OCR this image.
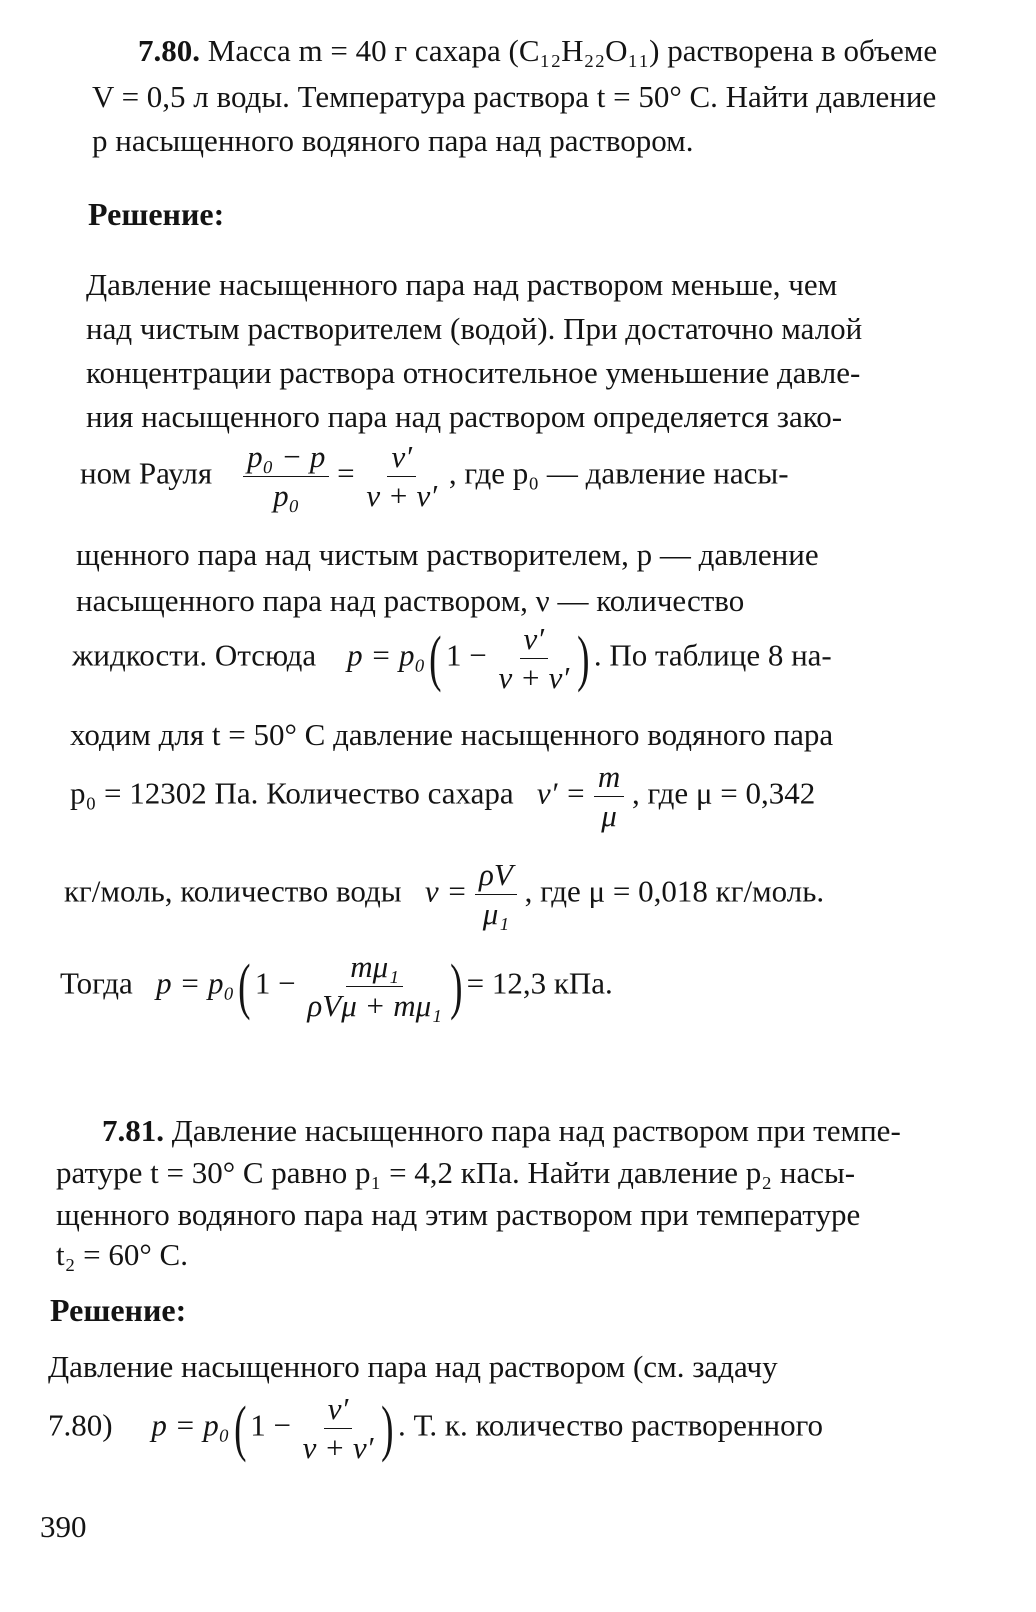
7.80. Масса m = 40 г сахара (C₁₂H₂₂O₁₁) растворена в объеме
V = 0,5 л воды. Температура раствора t = 50° C. Найти давление
p насыщенного водяного пара над раствором.
Решение:
Давление насыщенного пара над раствором меньше, чем
над чистым растворителем (водой). При достаточно малой
концентрации раствора относительное уменьшение давле-
ния насыщенного пара над раствором определяется зако-
ном Рауля $\frac{\text{p₀ − p}}{\text{p₀}} = \frac{\nu'}{\nu + \nu'}$ , где p₀ — давление насы-
щенного пара над чистым растворителем, p — давление
насыщенного пара над раствором, ν — количество
жидкости. Отсюда p = p₀( $1 - \frac{\nu'}{\nu + \nu'}$ ) . По таблице 8 на-
ходим для t = 50° C давление насыщенного водяного пара
p₀ = 12302 Па. Количество сахара $\nu' = \frac{m}{\mu}$ , где μ = 0,342
кг/моль, количество воды $\nu = \frac{\rho V}{\text{μ₁}}$ , где μ = 0,018 кг/моль.
Тогда p = p₀( $1 - \frac{\text{mμ₁}}{\text{ρVμ + mμ₁}}$ ) = 12,3 кПа.
7.81. Давление насыщенного пара над раствором при темпе-
ратуре t = 30° C равно p₁ = 4,2 кПа. Найти давление p₂ насы-
щенного водяного пара над этим раствором при температуре
t₂ = 60° C.
Решение:
Давление насыщенного пара над раствором (см. задачу
7.80) p = p₀( $1 - \frac{\nu'}{\nu + \nu'}$ ) . Т. к. количество растворенного
390
